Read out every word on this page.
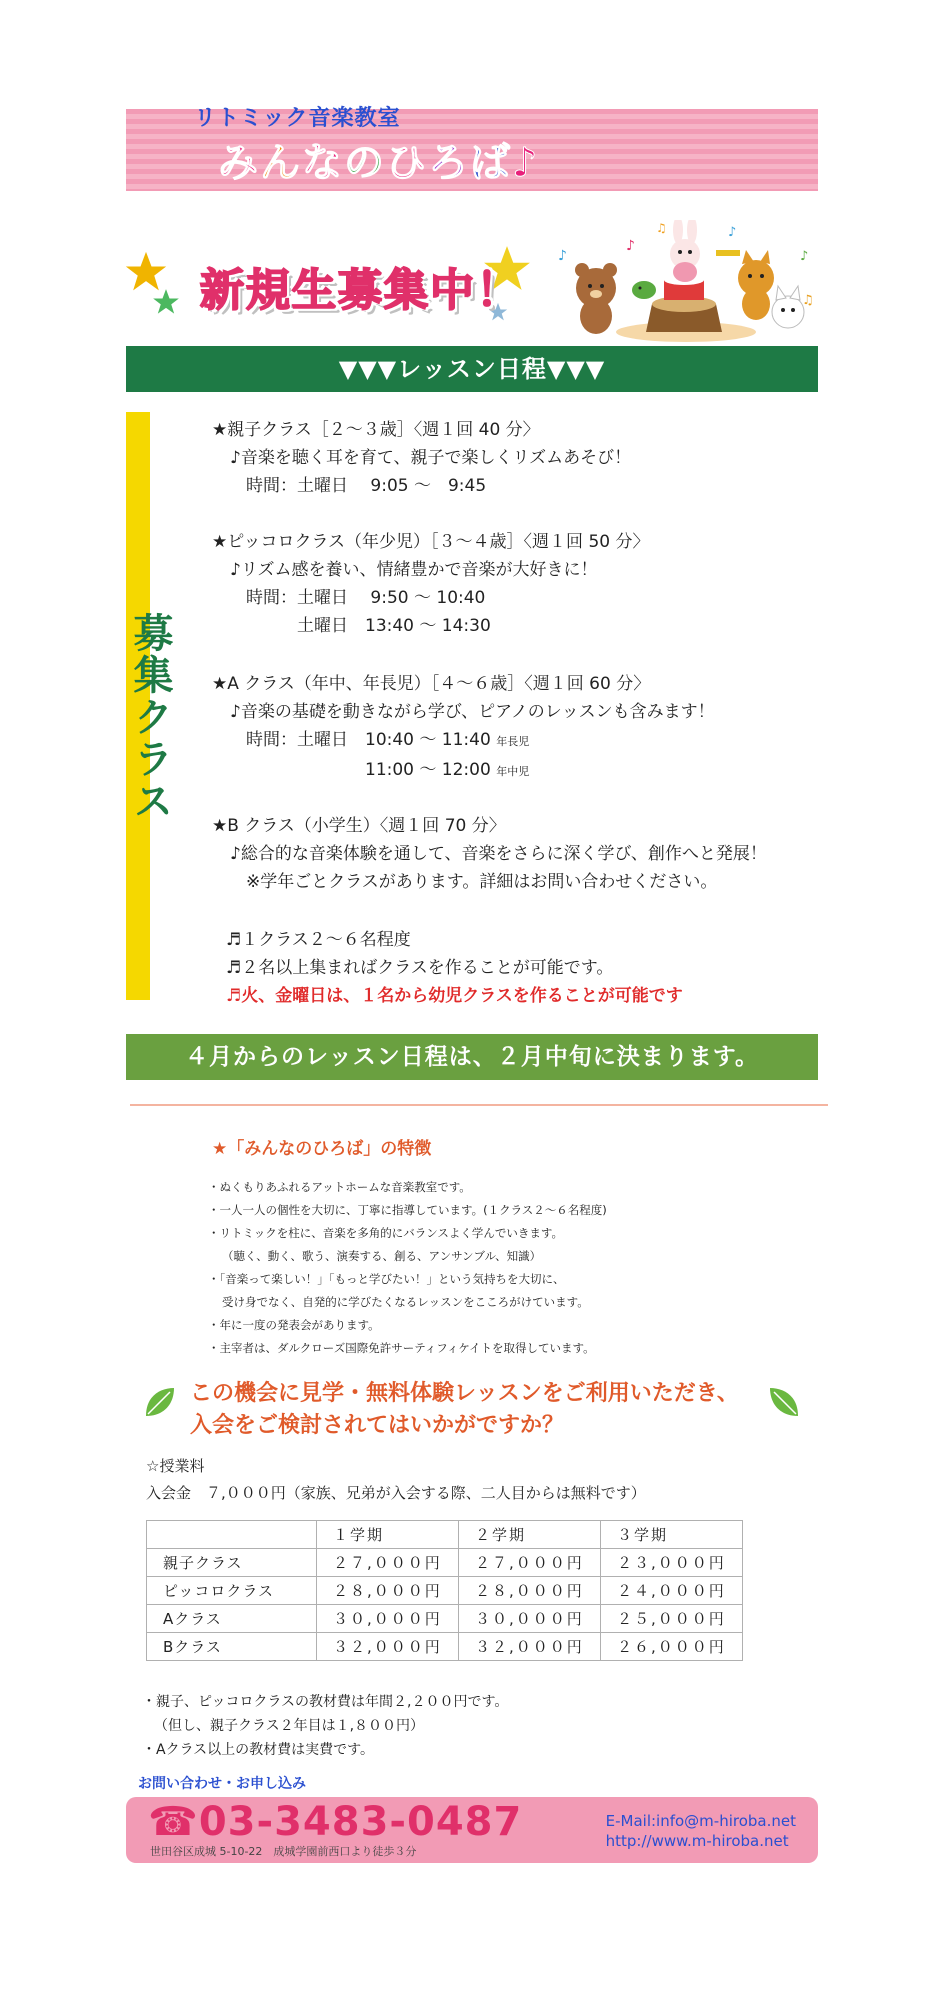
リトミック音楽教室
みんなのひろば♪
新規生募集中！
♪
♪
♫	♪
♪
♫
▼▼▼レッスン日程▼▼▼
募集クラス
★親子クラス［２〜３歳］〈週１回 40 分〉
♪音楽を聴く耳を育て、親子で楽しくリズムあそび！
時間：土曜日　 9:05 〜　9:45
★ピッコロクラス（年少児）［３〜４歳］〈週１回 50 分〉
♪リズム感を養い、情緒豊かで音楽が大好きに！
時間：土曜日　 9:50 〜 10:40
　　　土曜日　13:40 〜 14:30
★A クラス（年中、年長児）［４〜６歳］〈週１回 60 分〉
♪音楽の基礎を動きながら学び、ピアノのレッスンも含みます！
時間：土曜日　10:40 〜 11:40 年長児
　　　　　　　11:00 〜 12:00 年中児
★B クラス（小学生）〈週１回 70 分〉
♪総合的な音楽体験を通して、音楽をさらに深く学び、創作へと発展！
※学年ごとクラスがあります。詳細はお問い合わせください。
♬１クラス２〜６名程度
♬２名以上集まればクラスを作ることが可能です。
♬火、金曜日は、１名から幼児クラスを作ることが可能です
４月からのレッスン日程は、２月中旬に決まります。
★「みんなのひろば」の特徴
・ぬくもりあふれるアットホームな音楽教室です。
・一人一人の個性を大切に、丁寧に指導しています。(１クラス２〜６名程度)
・リトミックを柱に、音楽を多角的にバランスよく学んでいきます。
（聴く、動く、歌う、演奏する、創る、アンサンブル、知識）
・「音楽って楽しい！」「もっと学びたい！」という気持ちを大切に、
受け身でなく、自発的に学びたくなるレッスンをこころがけています。
・年に一度の発表会があります。
・主宰者は、ダルクローズ国際免許サーティフィケイトを取得しています。
この機会に見学・無料体験レッスンをご利用いただき、
入会をご検討されてはいかがですか？
☆授業料
入会金　７,０００円（家族、兄弟が入会する際、二人目からは無料です）
	１学期	２学期	３学期
親子クラス	２７,０００円	２７,０００円	２３,０００円
ピッコロクラス	２８,０００円	２８,０００円	２４,０００円
Aクラス	３０,０００円	３０,０００円	２５,０００円
Bクラス	３２,０００円	３２,０００円	２６,０００円
・親子、ピッコロクラスの教材費は年間２,２００円です。
（但し、親子クラス２年目は１,８００円）
・Aクラス以上の教材費は実費です。
お問い合わせ・お申し込み
☎03-3483-0487
世田谷区成城 5-10-22　成城学園前西口より徒歩３分
E-Mail:info@m-hiroba.net
http://www.m-hiroba.net
